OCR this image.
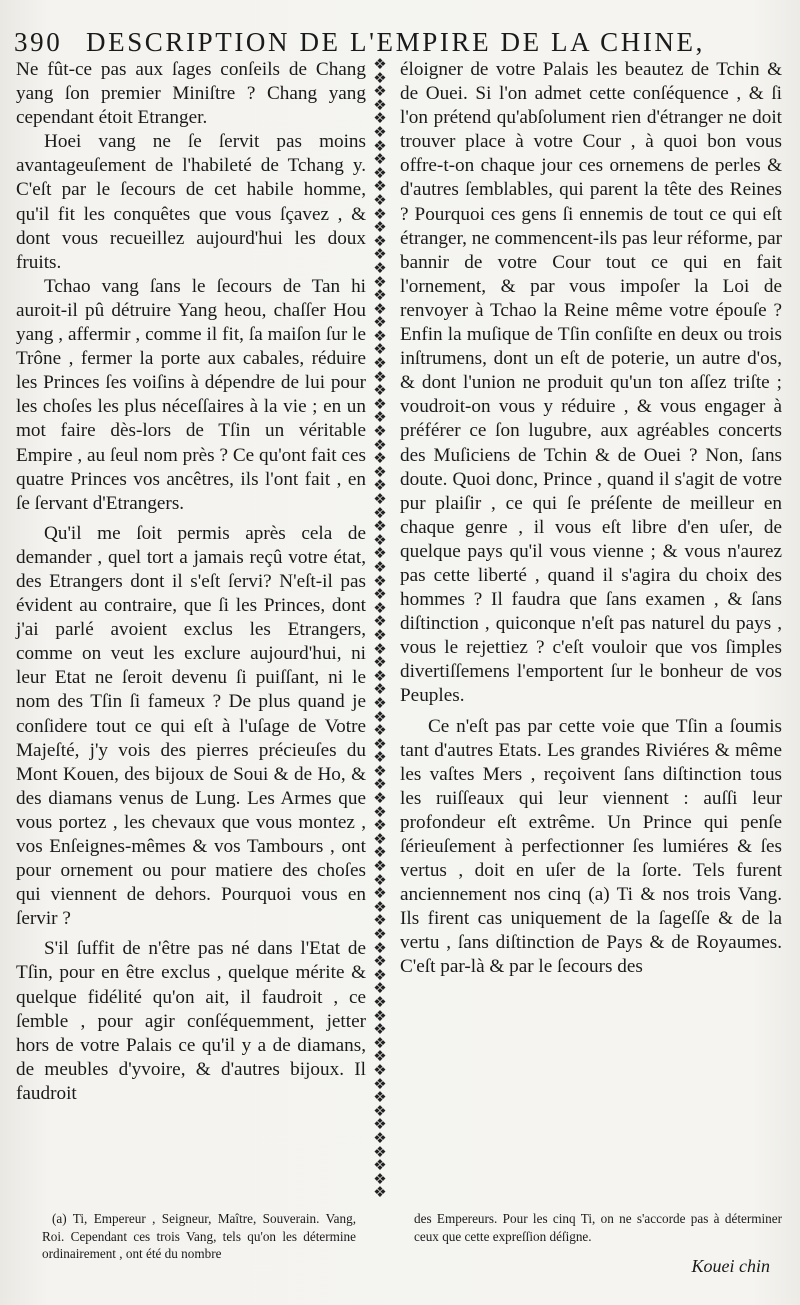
390 DESCRIPTION DE L'EMPIRE DE LA CHINE,

Ne fût-ce pas aux ſages conſeils de Chang yang ſon premier Miniſtre ? Chang yang cependant étoit Etranger.

Hoei vang ne ſe ſervit pas moins avantageuſement de l'habileté de Tchang y. C'eſt par le ſecours de cet habile homme, qu'il fit les conquêtes que vous ſçavez , & dont vous recueillez aujourd'hui les doux fruits.

Tchao vang ſans le ſecours de Tan hi auroit-il pû détruire Yang heou, chaſſer Hou yang , affermir , comme il fit, ſa maiſon ſur le Trône , fermer la porte aux cabales, réduire les Princes ſes voiſins à dépendre de lui pour les choſes les plus néceſſaires à la vie ; en un mot faire dès-lors de Tſin un véritable Empire , au ſeul nom près ? Ce qu'ont fait ces quatre Princes vos ancêtres, ils l'ont fait , en ſe ſervant d'Etrangers.

Qu'il me ſoit permis après cela de demander , quel tort a jamais reçû votre état, des Etrangers dont il s'eſt ſervi? N'eſt-il pas évident au contraire, que ſi les Princes, dont j'ai parlé avoient exclus les Etrangers, comme on veut les exclure aujourd'hui, ni leur Etat ne ſeroit devenu ſi puiſſant, ni le nom des Tſin ſi fameux ? De plus quand je conſidere tout ce qui eſt à l'uſage de Votre Majeſté, j'y vois des pierres précieuſes du Mont Kouen, des bijoux de Soui & de Ho, & des diamans venus de Lung. Les Armes que vous portez , les chevaux que vous montez , vos Enſeignes-mêmes & vos Tambours , ont pour ornement ou pour matiere des choſes qui viennent de dehors. Pourquoi vous en ſervir ?

S'il ſuffit de n'être pas né dans l'Etat de Tſin, pour en être exclus , quelque mérite & quelque fidélité qu'on ait, il faudroit , ce ſemble , pour agir conſéquemment, jetter hors de votre Palais ce qu'il y a de diamans, de meubles d'yvoire, & d'autres bijoux. Il faudroit

❖
❖
❖
❖
❖
❖
❖
❖
❖
❖
❖
❖
❖
❖
❖
❖
❖
❖
❖
❖
❖
❖
❖
❖
❖
❖
❖
❖
❖
❖
❖
❖
❖
❖
❖
❖
❖
❖
❖
❖
❖
❖
❖
❖
❖
❖
❖
❖
❖
❖
❖
❖
❖
❖
❖
❖
❖
❖
❖
❖
❖
❖
❖
❖
❖
❖
❖
❖
❖
❖
❖
❖
❖
❖
❖
❖
❖
❖
❖
❖
❖
❖
❖
❖

éloigner de votre Palais les beautez de Tchin & de Ouei. Si l'on admet cette conſéquence , & ſi l'on prétend qu'abſolument rien d'étranger ne doit trouver place à votre Cour , à quoi bon vous offre-t-on chaque jour ces ornemens de perles & d'autres ſemblables, qui parent la tête des Reines ? Pourquoi ces gens ſi ennemis de tout ce qui eſt étranger, ne commencent-ils pas leur réforme, par bannir de votre Cour tout ce qui en fait l'ornement, & par vous impoſer la Loi de renvoyer à Tchao la Reine même votre épouſe ? Enfin la muſique de Tſin conſiſte en deux ou trois inſtrumens, dont un eſt de poterie, un autre d'os, & dont l'union ne produit qu'un ton aſſez triſte ; voudroit-on vous y réduire , & vous engager à préférer ce ſon lugubre, aux agréables concerts des Muſiciens de Tchin & de Ouei ? Non, ſans doute. Quoi donc, Prince , quand il s'agit de votre pur plaiſir , ce qui ſe préſente de meilleur en chaque genre , il vous eſt libre d'en uſer, de quelque pays qu'il vous vienne ; & vous n'aurez pas cette liberté , quand il s'agira du choix des hommes ? Il faudra que ſans examen , & ſans diſtinction , quiconque n'eſt pas naturel du pays , vous le rejettiez ? c'eſt vouloir que vos ſimples divertiſſemens l'emportent ſur le bonheur de vos Peuples.

Ce n'eſt pas par cette voie que Tſin a ſoumis tant d'autres Etats. Les grandes Riviéres & même les vaſtes Mers , reçoivent ſans diſtinction tous les ruiſſeaux qui leur viennent : auſſi leur profondeur eſt extrême. Un Prince qui penſe ſérieuſement à perfectionner ſes lumiéres & ſes vertus , doit en uſer de la ſorte. Tels furent anciennement nos cinq (a) Ti & nos trois Vang. Ils firent cas uniquement de la ſageſſe & de la vertu , ſans diſtinction de Pays & de Royaumes. C'eſt par-là & par le ſecours des

(a) Ti, Empereur , Seigneur, Maître, Souverain. Vang, Roi. Cependant ces trois Vang, tels qu'on les détermine ordinairement , ont été du nombre
des Empereurs. Pour les cinq Ti, on ne s'accorde pas à déterminer ceux que cette expreſſion déſigne.
Kouei chin
